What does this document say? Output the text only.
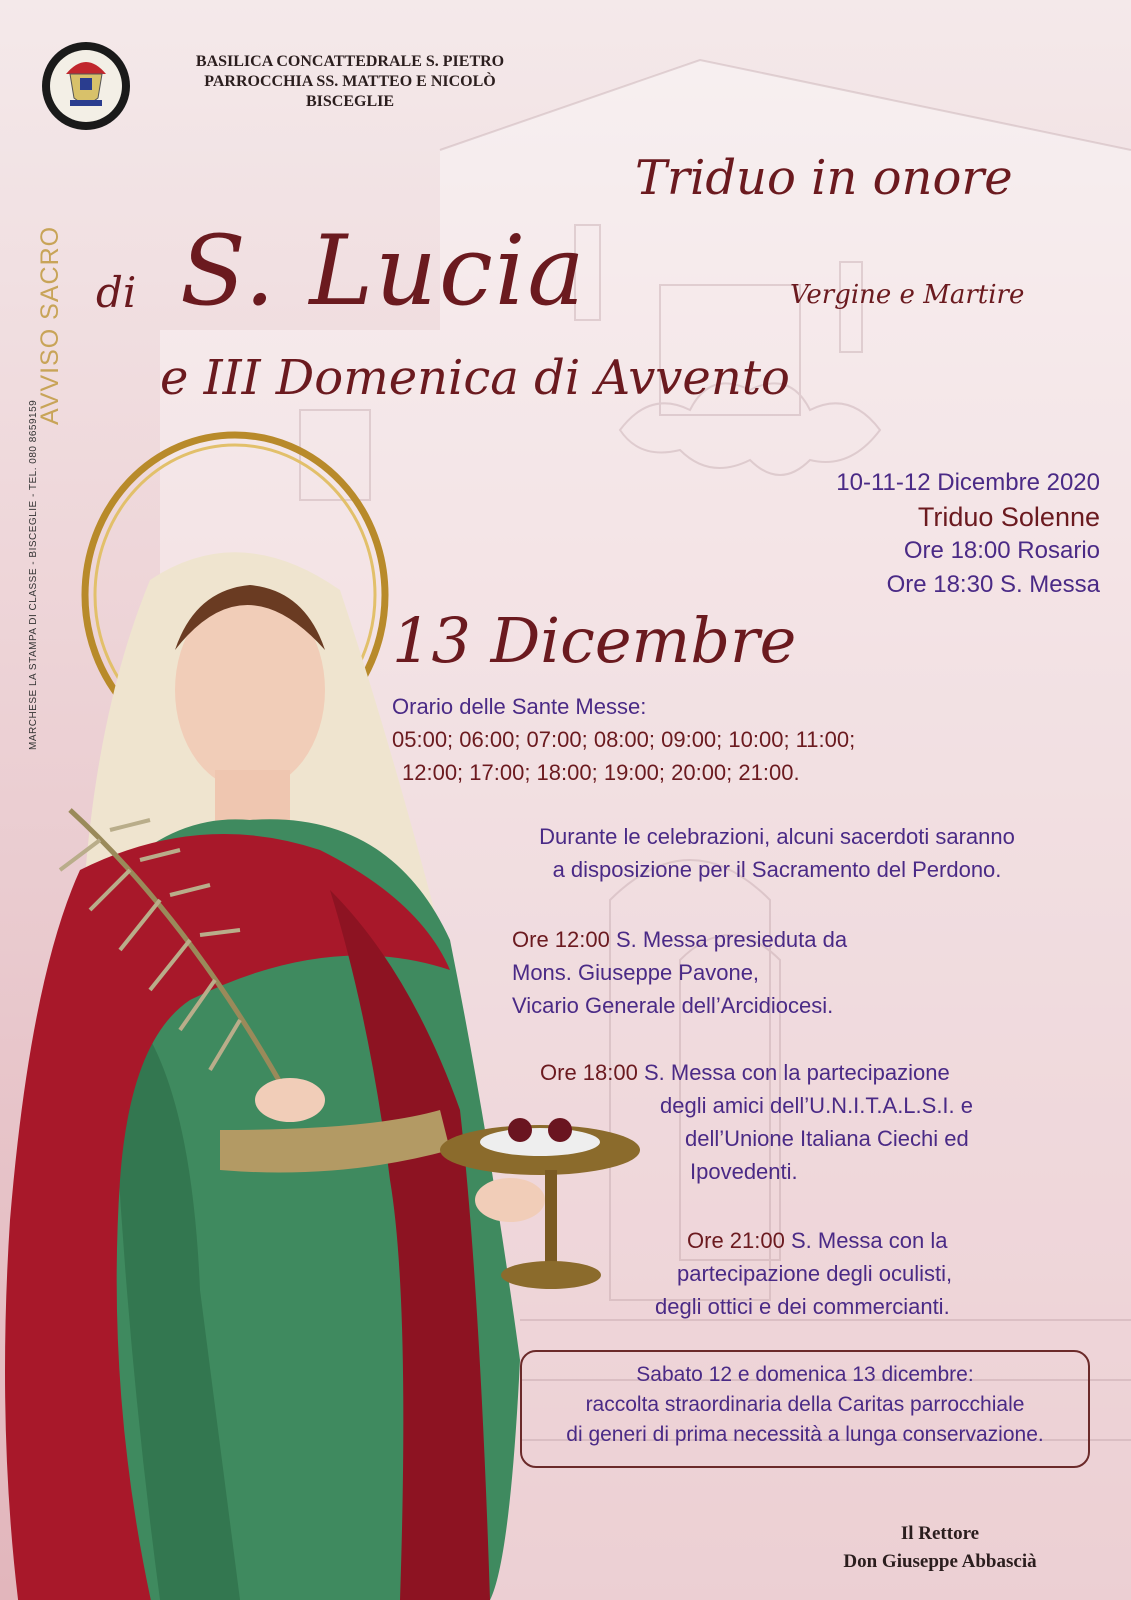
BASILICA CONCATTEDRALE S. PIETRO
PARROCCHIA SS. MATTEO E NICOLÒ
BISCEGLIE
AVVISO SACRO
MARCHESE LA STAMPA DI CLASSE - BISCEGLIE - TEL. 080 8659159
Triduo in onore
di S. Lucia	Vergine e Martire
e III Domenica di Avvento
10-11-12 Dicembre 2020
Triduo Solenne
Ore 18:00 Rosario
Ore 18:30 S. Messa
13 Dicembre
Orario delle Sante Messe:
05:00; 06:00; 07:00; 08:00; 09:00; 10:00; 11:00;
12:00; 17:00; 18:00; 19:00; 20:00; 21:00.
Durante le celebrazioni, alcuni sacerdoti saranno
a disposizione per il Sacramento del Perdono.
Ore 12:00 S. Messa presieduta da
Mons. Giuseppe Pavone,
Vicario Generale dell’Arcidiocesi.
Ore 18:00 S. Messa con la partecipazione
degli amici dell’U.N.I.T.A.L.S.I. e
dell’Unione Italiana Ciechi ed
Ipovedenti.
Ore 21:00 S. Messa con la
partecipazione degli oculisti,
degli ottici e dei commercianti.
Sabato 12 e domenica 13 dicembre:
raccolta straordinaria della Caritas parrocchiale
di generi di prima necessità a lunga conservazione.
Il Rettore
Don Giuseppe Abbascià
